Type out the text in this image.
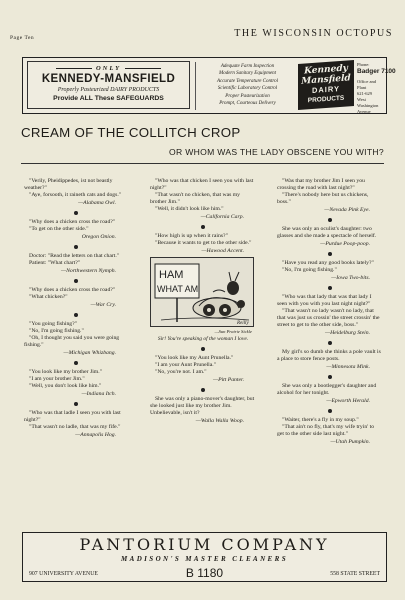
Page Ten	THE WISCONSIN OCTOPUS
ONLY
KENNEDY-MANSFIELD
Properly Pasteurized DAIRY PRODUCTS
Provide ALL These SAFEGUARDS
Adequate Farm Inspection
Modern Sanitary Equipment
Accurate Temperature Control
Scientific Laboratory Control
Proper Pasteurization
Prompt, Courteous Delivery
Kennedy
Mansfield
DAIRY
PRODUCTS
Phone:
Badger 7100
Office and Plant
621-629
West Washington
Avenue
CREAM OF THE COLLITCH CROP
OR WHOM WAS THE LADY OBSCENE YOU WITH?

"Verily, Pheidippedes, ist not beastly weather?"

"Aye, forsooth, it raineth cats and dogs."

—Alabama Owl.

"Why does a chicken cross the road?"

"To get on the other side."

Oregon Onion.

Doctor: "Read the letters on that chart."

Patient: "What chart?"

—Northwestern Nymph.

"Why does a chicken cross the road?"

"What chicken?"

—War Cry.

"You going fishing?"

"No, I'm going fishing."

"Oh, I thought you said you were going fishing."

—Michigan Whizbang.

"You look like my brother Jim."

"I am your brother Jim."

"Well, you don't look like him."

—Indiana Itch.

"Who was that ladle I seen you with last night?"

"That wasn't no ladle, that was my fife."

—Annapolis Hog.

"Who was that chicken I seen you with last night?"

"That wasn't no chicken, that was my brother Jim."

"Well, it didn't look like him."

—California Carp.

"How high is up when it rains?"

"Because it wants to get to the other side."

—Hawood Accent.
HAM
WHAT AM
Reilly
—Sun Prairie Sickle
Sir! You're speaking of the woman I love.

"You look like my Aunt Prunella."

"I am your Aunt Prunella."

"No, you're not. I am."

—Pitt Panter.

She was only a piano-mover's daughter, but she looked just like my brother Jim. Unbelievable, isn't it?

—Walla Walla Woop.

"Was that my brother Jim I seen you crossing the road with last night?"

"There's nobody here but us chickens, boss."

—Nevada Pink Eye.

She was only an oculist's daughter: two glasses and she made a spectacle of herself.

—Purdue Poop-poop.

"Have you read any good books lately?"

"No, I'm going fishing."

—Iowa Two-bits.

"Who was that lady that was that lady I seen with you with you last night night?"

"That wasn't no lady wasn't no lady, that that was just us crossin' the street crossin' the street to get to the other side, boss."

—Heidelburg Stein.

My girl's so dumb she thinks a pole vault is a place to store fence posts.

—Minnesota Mink.

She was only a bootlegger's daughter and alcohol for her tonight.

—Epworth Herald.

"Waiter, there's a fly in my soup."

"That ain't no fly, that's my wife tryin' to get to the other side last night."

—Utah Pumpkin.
PANTORIUM COMPANY
MADISON'S MASTER CLEANERS
907 UNIVERSITY AVENUE	B 1180	558 STATE STREET
